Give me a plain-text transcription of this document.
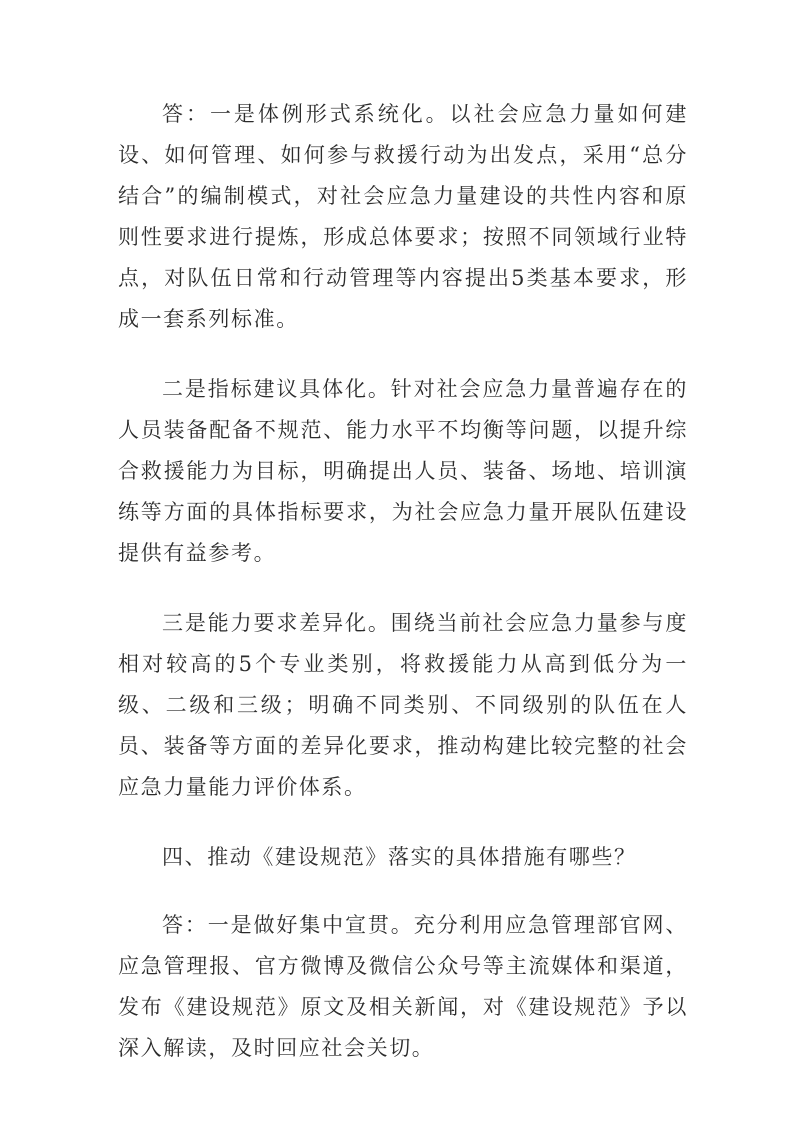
答：一是体例形式系统化。以社会应急力量如何建设、如何管理、如何参与救援行动为出发点，采用“总分结合”的编制模式，对社会应急力量建设的共性内容和原则性要求进行提炼，形成总体要求；按照不同领域行业特点，对队伍日常和行动管理等内容提出5类基本要求，形成一套系列标准。

二是指标建议具体化。针对社会应急力量普遍存在的人员装备配备不规范、能力水平不均衡等问题，以提升综合救援能力为目标，明确提出人员、装备、场地、培训演练等方面的具体指标要求，为社会应急力量开展队伍建设提供有益参考。

三是能力要求差异化。围绕当前社会应急力量参与度相对较高的5个专业类别，将救援能力从高到低分为一级、二级和三级；明确不同类别、不同级别的队伍在人员、装备等方面的差异化要求，推动构建比较完整的社会应急力量能力评价体系。

四、推动《建设规范》落实的具体措施有哪些？

答：一是做好集中宣贯。充分利用应急管理部官网、应急管理报、官方微博及微信公众号等主流媒体和渠道，发布《建设规范》原文及相关新闻，对《建设规范》予以深入解读，及时回应社会关切。
